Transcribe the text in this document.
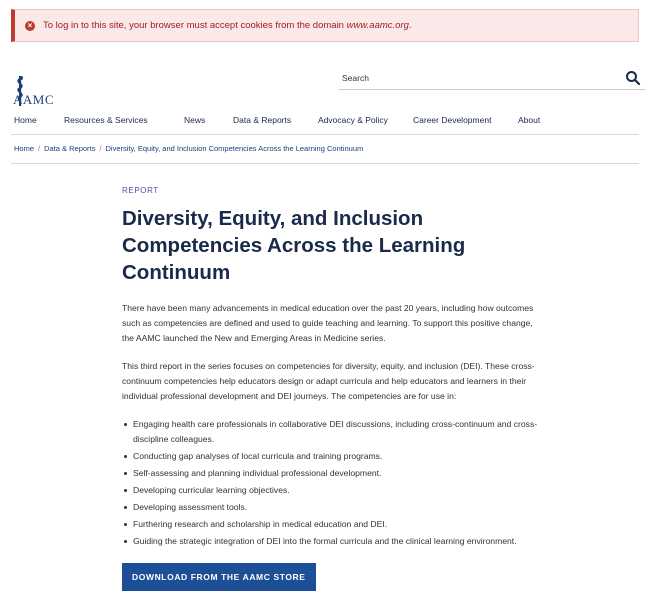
× To log in to this site, your browser must accept cookies from the domain www.aamc.org.
AAMC
Search
Home	Resources & Services	News	Data & Reports	Advocacy & Policy	Career Development	About
Home / Data & Reports / Diversity, Equity, and Inclusion Competencies Across the Learning Continuum
REPORT
Diversity, Equity, and Inclusion Competencies Across the Learning Continuum

There have been many advancements in medical education over the past 20 years, including how outcomes such as competencies are defined and used to guide teaching and learning. To support this positive change, the AAMC launched the New and Emerging Areas in Medicine series.

This third report in the series focuses on competencies for diversity, equity, and inclusion (DEI). These cross-continuum competencies help educators design or adapt curricula and help educators and learners in their individual professional development and DEI journeys. The competencies are for use in:

Engaging health care professionals in collaborative DEI discussions, including cross-continuum and cross-discipline colleagues.
Conducting gap analyses of local curricula and training programs.
Self-assessing and planning individual professional development.
Developing curricular learning objectives.
Developing assessment tools.
Furthering research and scholarship in medical education and DEI.
Guiding the strategic integration of DEI into the formal curricula and the clinical learning environment.
DOWNLOAD FROM THE AAMC STORE
